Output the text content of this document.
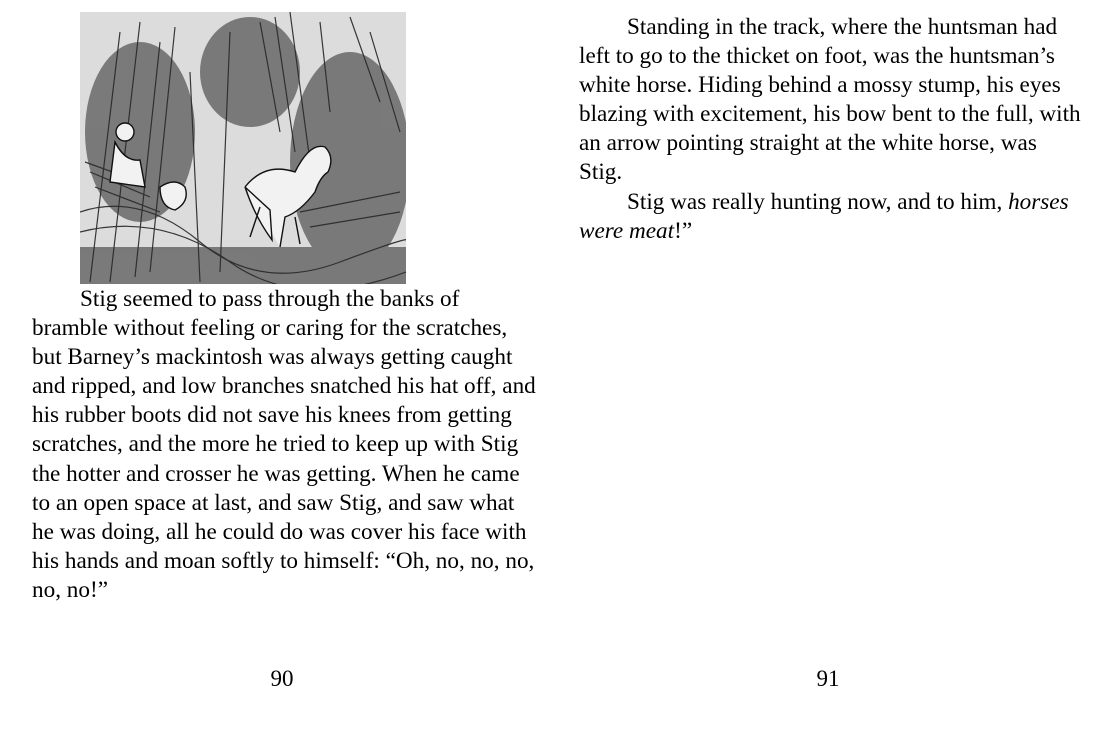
Stig seemed to pass through the banks of bramble without feeling or caring for the scratches, but Barney’s mackintosh was always getting caught and ripped, and low branches snatched his hat off, and his rubber boots did not save his knees from getting scratches, and the more he tried to keep up with Stig the hotter and crosser he was getting. When he came to an open space at last, and saw Stig, and saw what he was doing, all he could do was cover his face with his hands and moan softly to himself: “Oh, no, no, no, no, no!”

90

Standing in the track, where the huntsman had left to go to the thicket on foot, was the huntsman’s white horse. Hiding behind a mossy stump, his eyes blazing with excitement, his bow bent to the full, with an arrow pointing straight at the white horse, was Stig.

Stig was really hunting now, and to him, horses were meat!”

91
